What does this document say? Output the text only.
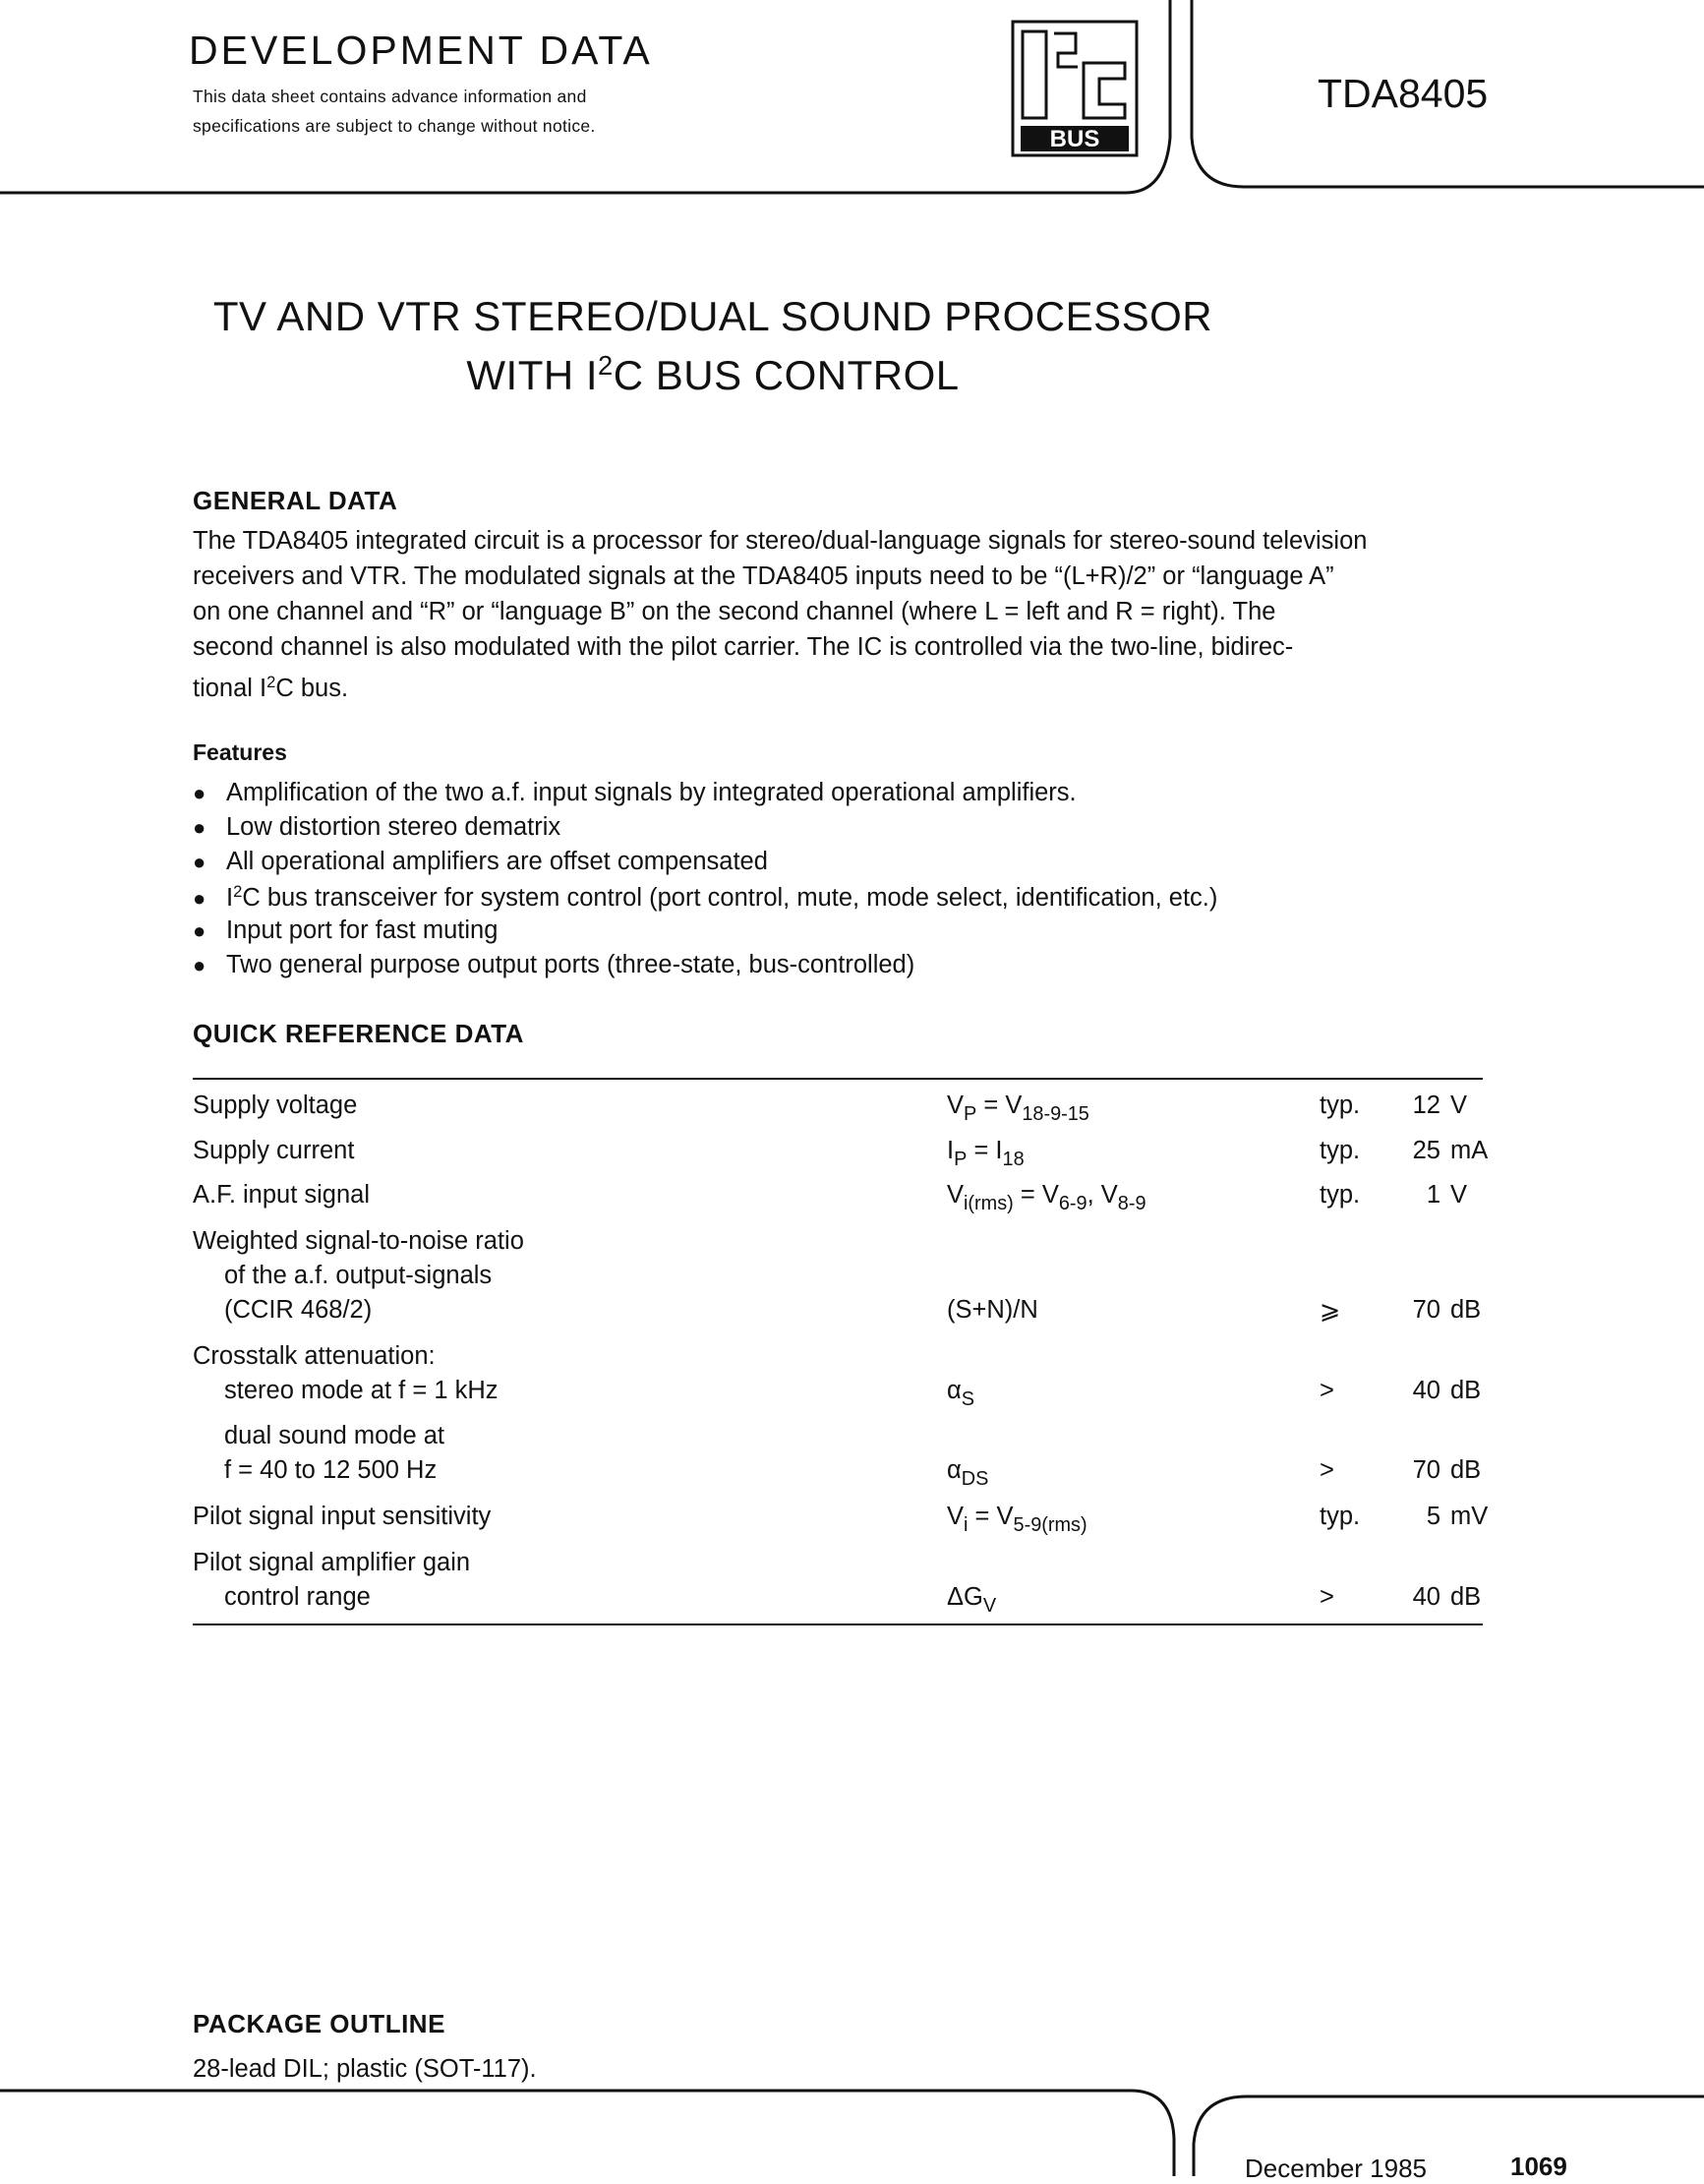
DEVELOPMENT DATA
This data sheet contains advance information and
specifications are subject to change without notice.	BUS
TDA8405
TV AND VTR STEREO/DUAL SOUND PROCESSOR
WITH $I^2C$ BUS CONTROL
GENERAL DATA
The TDA8405 integrated circuit is a processor for stereo/dual-language signals for stereo-sound television
receivers and VTR. The modulated signals at the TDA8405 inputs need to be “(L+R)/2” or “language A”
on one channel and “R” or “language B” on the second channel (where L = left and R = right). The
second channel is also modulated with the pilot carrier. The IC is controlled via the two-line, bidirec-
tional $I^2C$ bus.
Features
● Amplification of the two a.f. input signals by integrated operational amplifiers.
● Low distortion stereo dematrix
● All operational amplifiers are offset compensated
● $I^2C$ bus transceiver for system control (port control, mute, mode select, identification, etc.)
● Input port for fast muting
● Two general purpose output ports (three-state, bus-controlled)
QUICK REFERENCE DATA
Supply voltage	$V_P = V_{18-9-15}$	typ.	12 V
Supply current	$I_P = I_{18}$	typ.	25 mA
A.F. input signal	$V_{i(rms)} = V_{6-9}$, $V_{8-9}$	typ.	1 V
Weighted signal-to-noise ratio
of the a.f. output-signals
(CCIR 468/2)	(S+N)/N	⩾	70 dB
Crosstalk attenuation:
stereo mode at f = 1 kHz	$\alpha_S$	>	40 dB
dual sound mode at
f = 40 to 12 500 Hz	$\alpha_{DS}$	>	70 dB
Pilot signal input sensitivity	$V_i = V_{5-9(rms)}$	typ.	5 mV
Pilot signal amplifier gain
control range	$\Delta G_V$	>	40 dB
PACKAGE OUTLINE
28-lead DIL; plastic (SOT-117).
December 1985	1069
